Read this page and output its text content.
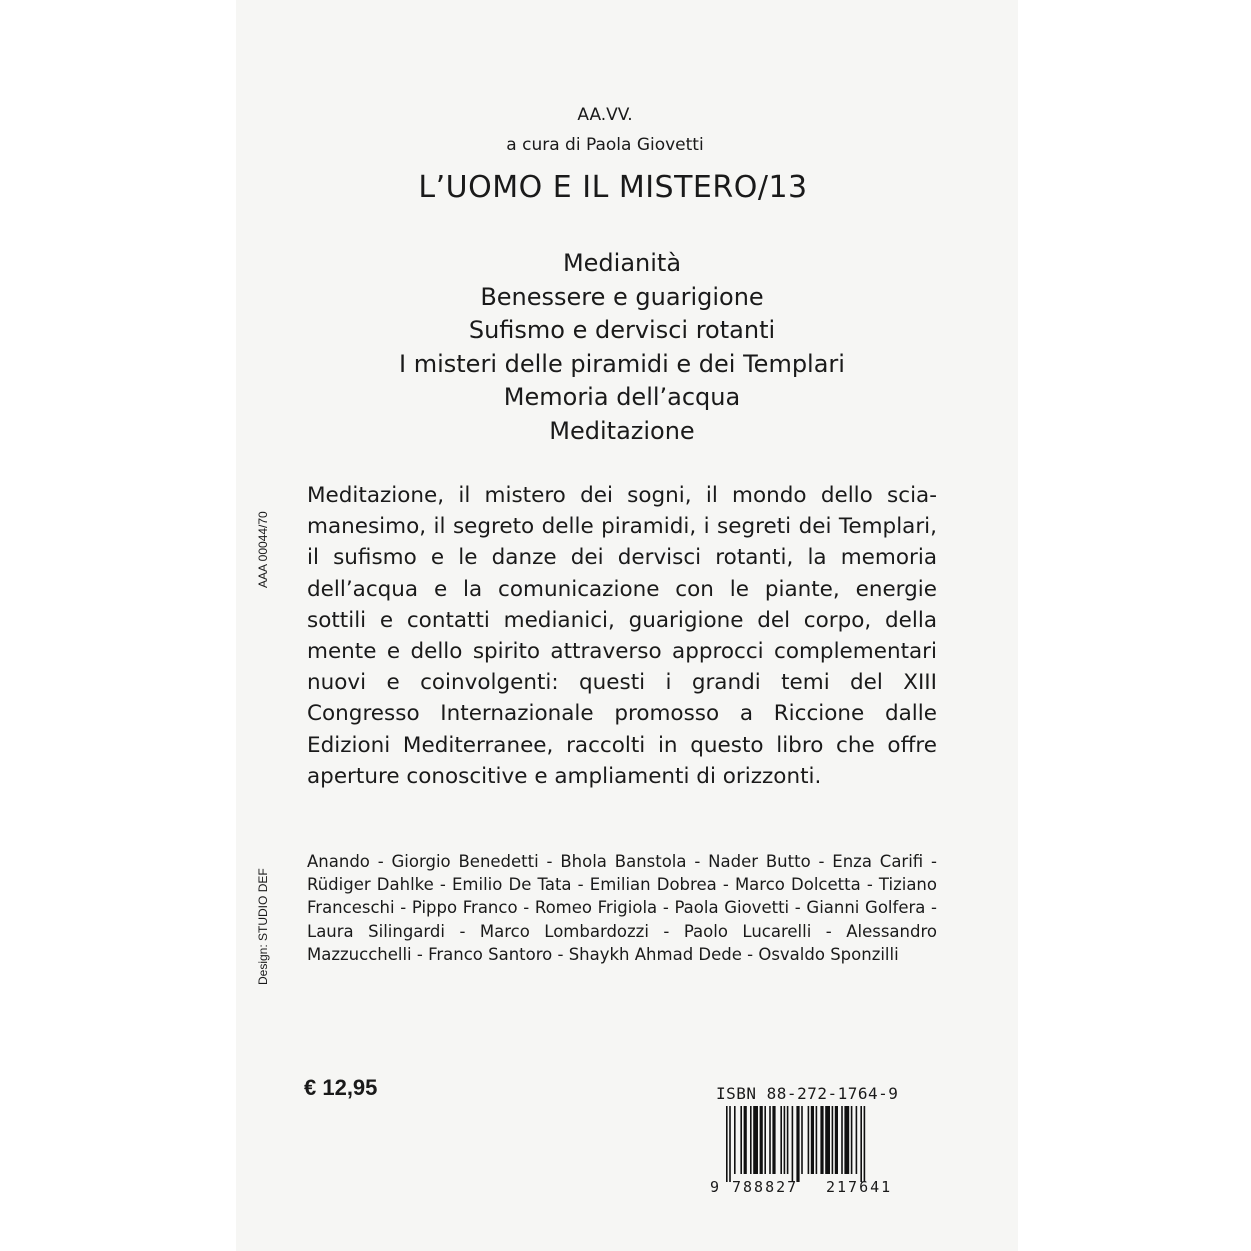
AA.VV.
a cura di Paola Giovetti
L’UOMO E IL MISTERO/13
Medianità
Benessere e guarigione
Sufismo e dervisci rotanti
I misteri delle piramidi e dei Templari
Memoria dell’acqua
Meditazione
AAA 00044/70

Meditazione, il mistero dei sogni, il mondo dello sciamanesimo, il segreto delle piramidi, i segreti dei Templari, il sufismo e le danze dei dervisci rotanti, la memoria dell’acqua e la comunicazione con le piante, energie sottili e contatti medianici, guarigione del corpo, della mente e dello spirito attraverso approcci complementari nuovi e coinvolgenti: questi i grandi temi del XIII Congresso Internazionale promosso a Riccione dalle Edizioni Mediterranee, raccolti in questo libro che offre aperture conoscitive e ampliamenti di orizzonti.

Design: STUDIO DEF

Anando - Giorgio Benedetti - Bhola Banstola - Nader Butto - Enza Carifi - Rüdiger Dahlke - Emilio De Tata - Emilian Dobrea - Marco Dolcetta - Tiziano Franceschi - Pippo Franco - Romeo Frigiola - Paola Giovetti - Gianni Golfera - Laura Silingardi - Marco Lombardozzi - Paolo Lucarelli - Alessandro Mazzucchelli - Franco Santoro - Shaykh Ahmad Dede - Osvaldo Sponzilli

€ 12,95	ISBN 88-272-1764-9
9 788827 217641
